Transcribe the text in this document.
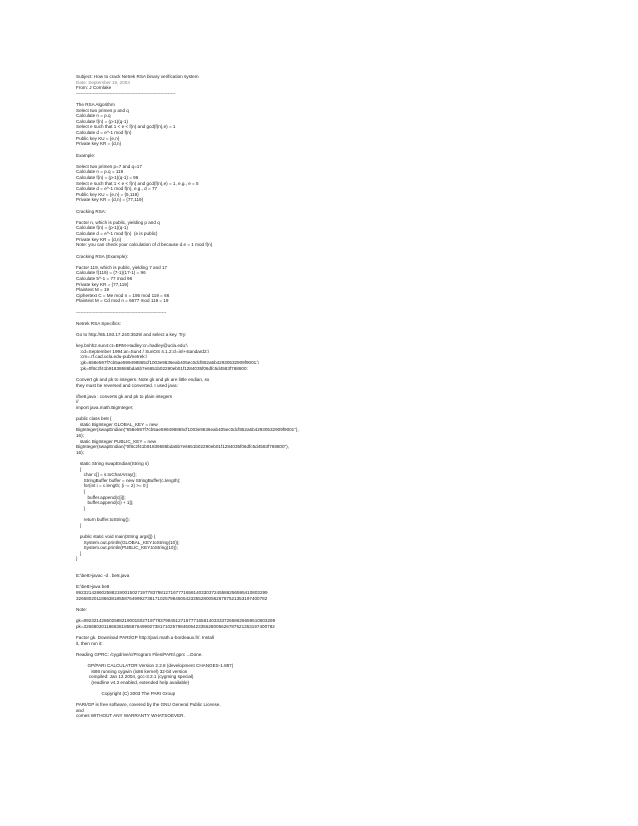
Subject: How to crack Netrek RSA binary verification system
Date: September 19, 2004
From: J Cornlake
-----------------------------------------------------------------
The RSA Algorithm
Select two primes p and q
Calculate n = p.q
Calculate f(n) = (p-1)(q-1)
Select e such that 1 < e < f(n) and gcd(f(n),e) = 1
Calculate d = e^-1 mod f(n)
Public key KU = {e,n}
Private key KR = {d,n}
Example:
Select two primes p=7 and q=17
Calculate n = p.q = 119
Calculate f(n) = (p-1)(q-1) = 96
Select e such that 1 < e < f(n) and gcd(f(n),e) = 1, e.g., e = 5
Calculate d = e^-1 mod f(n), e.g., d = 77
Public key KU = {e,n} = {5,119}
Private key KR = {d,n} = {77,119}
Cracking RSA:
Factor n, which is public, yielding p and q
Calculate f(n) = (p-1)(q-1)
Calculate d = e^-1 mod f(n)  (e is public)
Private key KR = {d,n}
Note: you can check your calculation of d because d.e = 1 mod f(n)
Cracking RSA (Example):
Factor 119, which is public, yielding 7 and 17
Calculate f(119) = (7-1)(17-1) = 96
Calculate 5^-1 = 77 mod 96
Private key KR = {77,119}
Plaintext M = 19
Ciphertext C = Me mod n = 195 mod 119 = 66
Plaintext M = Cd mod n = 6677 mod 119 = 19
-----------------------------------------------------------
Netrek RSA Specifics:
Go to http://65.193.17.240:3529/ and select a key. Try:
key.bnhh2.sun4:ct=BRM-Hadley:cr=hadley@ucla.edu:\
:cd=September 1994:ar=Sun4 / SunOS 4.1.2:cl=inl+standard2:\
:cm=.rf.cad.ucla.edu-pub/netrek:\
:gk=658e597f7cb5ae599498865cf1003e9636eab405ec0dcf852a5b42930532909f9001:\
:pk=0f8c2f41b91839586bda5b7e6651b02290eb01f1284035f06dfc5d4583f768800:
Convert gk and pk to integers. Note gk and pk are little endian, so
they must be reversed and converted. I used java:
//be8.java : converts gk and pk to plain integers
//
import java.math.BigInteger;
public class be8 {
static BigInteger GLOBAL_KEY = new
BigInteger(swapEndian("658e597f7cb5ae599498865cf1003e9636eab405ec0dcf852a5b42930532909f9001"),
16);
static BigInteger PUBLIC_KEY = new
BigInteger(swapEndian("0f8c2f41b91839586bda5b7e6651b02290eb01f1284035f06dfc5d4583f768800"),
16);
static String swapEndian(String s)
{
char c[] = s.toCharArray();
StringBuffer buffer = new StringBuffer(c.length);
for(int i = c.length; (i -= 2) >= 0;)
{
buffer.append(c[i]);
buffer.append(c[i + 1]);
}
return buffer.toString();
}
public static void main(String args[]) {
System.out.println(GLOBAL_KEY.toString(10));
System.out.println(PUBLIC_KEY.toString(10));
}
}
E:\be8>javac -d . be8.java
E:\be8>java be8
892321428602588219001502719778379812716777165814033037245586256595410803299
326680201186638185587649992738171025798460542335528005626787521353197400782
Note:
gk=892321428602588219001502719778379845127167771658140333372658625659510803299
pk=326680201186638185587649992738171025798460542335528005626787521353197400782
Factor gk. Download PARI/GP http://pari.math.u-bordeaux.fr/. Install
it, then run it:
Reading GPRC: /cygdrive/c/Program Files/PARI/.gprc ...Done.
GP/PARI CALCULATOR Version 2.2.8 (development CHANGES-1.887)
i686 running cygwin (ix86 kernel) 32-bit version
compiled: Jan 13 2004, gcc-3.3.1 (cygming special)
(readline v4.3 enabled, extended help available)
Copyright (C) 2003 The PARI Group
PARI/GP is free software, covered by the GNU General Public License,
and
comes WITHOUT ANY WARRANTY WHATSOEVER.
